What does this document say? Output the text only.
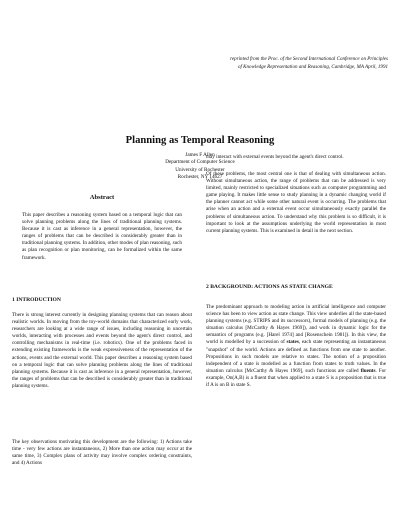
reprinted from the Proc. of the Second International Conference on Principles
of Knowledge Representation and Reasoning, Cambridge, MA April, 1991
Planning as Temporal Reasoning
James F Allen
Department of Computer Science
University of Rochester
Rochester, NY 14627
Abstract
This paper describes a reasoning system based on a temporal logic that can solve planning problems along the lines of traditional planning systems. Because it is cast as inference in a general representation, however, the ranges of problems that can be described is considerably greater than in traditional planning systems. In addition, other modes of plan reasoning, such as plan recognition or plan monitoring, can be formalized within the same framework.
1 INTRODUCTION
There is strong interest currently in designing planning systems that can reason about realistic worlds. In moving from the toy-world domains that characterized early work, researchers are looking at a wide range of issues, including reasoning in uncertain worlds, interacting with processes and events beyond the agent's direct control, and controlling mechanisms in real-time (i.e. robotics). One of the problems faced in extending existing frameworks is the weak expressiveness of the representation of the actions, events and the external world. This paper describes a reasoning system based on a temporal logic that can solve planning problems along the lines of traditional planning systems. Because it is cast as inference in a general representation, however, the ranges of problems that can be described is considerably greater than in traditional planning systems.
The key observations motivating this development are the following: 1) Actions take time - very few actions are instantaneous, 2) More than one action may occur at the same time, 3) Complex plans of activity may involve complex ordering constraints, and 4) Actions
may interact with external events beyond the agent's direct control.
Of these problems, the most central one is that of dealing with simultaneous action. Without simultaneous action, the range of problems that can be addressed is very limited, mainly restricted to specialized situations such as computer programming and game playing. It makes little sense to study planning in a dynamic changing world if the planner cannot act while some other natural event is occurring. The problems that arise when an action and a external event occur simultaneously exactly parallel the problems of simultaneous action. To understand why this problem is so difficult, it is important to look at the assumptions underlying the world representation in most current planning systems. This is examined in detail in the next section.
2 BACKGROUND: ACTIONS AS STATE CHANGE
The predominant approach to modeling action in artificial intelligence and computer science has been to view action as state change. This view underlies all the state-based planning systems (e.g. STRIPS and its successors), formal models of planning (e.g. the situation calculus [McCarthy & Hayes 1969]), and work in dynamic logic for the semantics of programs (e.g. [Harel 1974] and [Rosenschein 1981]). In this view, the world is modelled by a succession of states, each state representing an instantaneous "snapshot" of the world. Actions are defined as functions from one state to another. Propositions in such models are relative to states. The notion of a proposition independent of a state is modelled as a function from states to truth values. In the situation calculus [McCarthy & Hayes 1969], such functions are called fluents. For example, On(A,B) is a fluent that when applied to a state S is a proposition that is true if A is on B in state S.
